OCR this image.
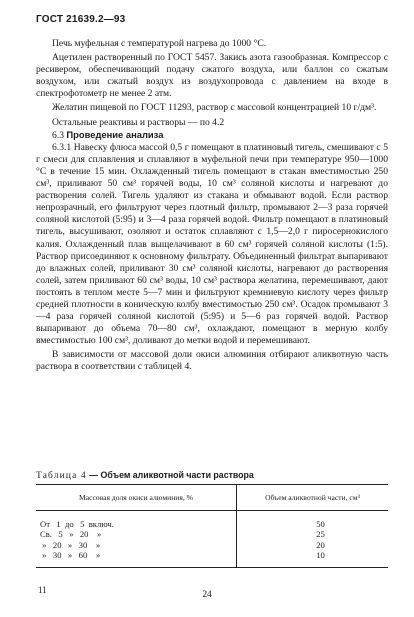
ГОСТ 21639.2—93

Печь муфельная с температурой нагрева до 1000 °С.

Ацетилен растворенный по ГОСТ 5457. Закись азота газообразная. Компрессор с ресивером, обеспечивающий подачу сжатого воздуха, или баллон со сжатым воздухом, или сжатый воздух из воздухопровода с давлением на входе в спектрофотометр не менее 2 атм.

Желатин пищевой по ГОСТ 11293, раствор с массовой концентрацией 10 г/дм³.

Остальные реактивы и растворы — по 4.2

6.3 Проведение анализа

6.3.1 Навеску флюса массой 0,5 г помещают в платиновый тигель, смешивают с 5 г смеси для сплавления и сплавляют в муфельной печи при температуре 950—1000 °С в течение 15 мин. Охлажденный тигель помещают в стакан вместимостью 250 см³, приливают 50 см³ горячей воды, 10 см³ соляной кислоты и нагревают до растворения солей. Тигель удаляют из стакана и обмывают водой. Если раствор непрозрачный, его фильтруют через плотный фильтр, промывают 2—3 раза горячей соляной кислотой (5:95) и 3—4 раза горячей водой. Фильтр помещают в платиновый тигель, высушивают, озоляют и остаток сплавляют с 1,5—2,0 г пиросернокислого калия. Охлажденный плав выщелачивают в 60 см³ горячей соляной кислоты (1:5). Раствор присоединяют к основному фильтрату. Объединенный фильтрат выпаривают до влажных солей, приливают 30 см³ соляной кислоты, нагревают до растворения солей, затем приливают 60 см³ воды, 10 см³ раствора желатина, перемешивают, дают постоять в теплом месте 5—7 мин и фильтруют кремниевую кислоту через фильтр средней плотности в коническую колбу вместимостью 250 см³. Осадок промывают 3—4 раза горячей соляной кислотой (5:95) и 5—6 раз горячей водой. Раствор выпаривают до объема 70—80 см³, охлаждают, помещают в мерную колбу вместимостью 100 см³, доливают до метки водой и перемешивают.

В зависимости от массовой доли окиси алюминия отбирают аликвотную часть раствора в соответствии с таблицей 4.

Таблица 4 — Объем аликвотной части раствора
Массовая доля окиси алюминия, %	Объем аликвотной части, см³
От   1  до   5  включ.	50
Св.   5   »   20    »	25
»   20   »   30    »	20
»   30   »   60    »	10
11	24
